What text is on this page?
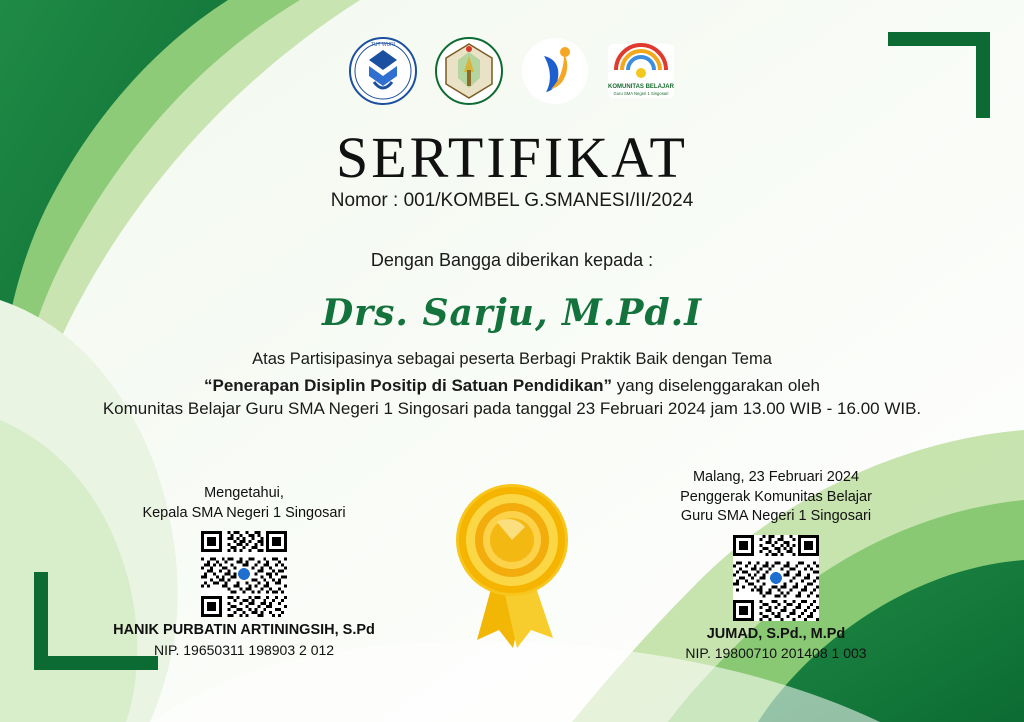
TUT WURI
KOMUNITAS BELAJAR
Guru SMA Negeri 1 Singosari
SERTIFIKAT
Nomor : 001/KOMBEL G.SMANESI/II/2024
Dengan Bangga diberikan kepada :
Drs. Sarju, M.Pd.I
Atas Partisipasinya sebagai peserta Berbagi Praktik Baik dengan Tema
“Penerapan Disiplin Positip di Satuan Pendidikan” yang diselenggarakan oleh
Komunitas Belajar Guru SMA Negeri 1 Singosari pada tanggal 23 Februari 2024 jam 13.00 WIB - 16.00 WIB.
Mengetahui,
Kepala SMA Negeri 1 Singosari
HANIK PURBATIN ARTININGSIH, S.Pd
NIP. 19650311 198903 2 012
Malang, 23 Februari 2024
Penggerak Komunitas Belajar
Guru SMA Negeri 1 Singosari
JUMAD, S.Pd., M.Pd
NIP. 19800710 201408 1 003
